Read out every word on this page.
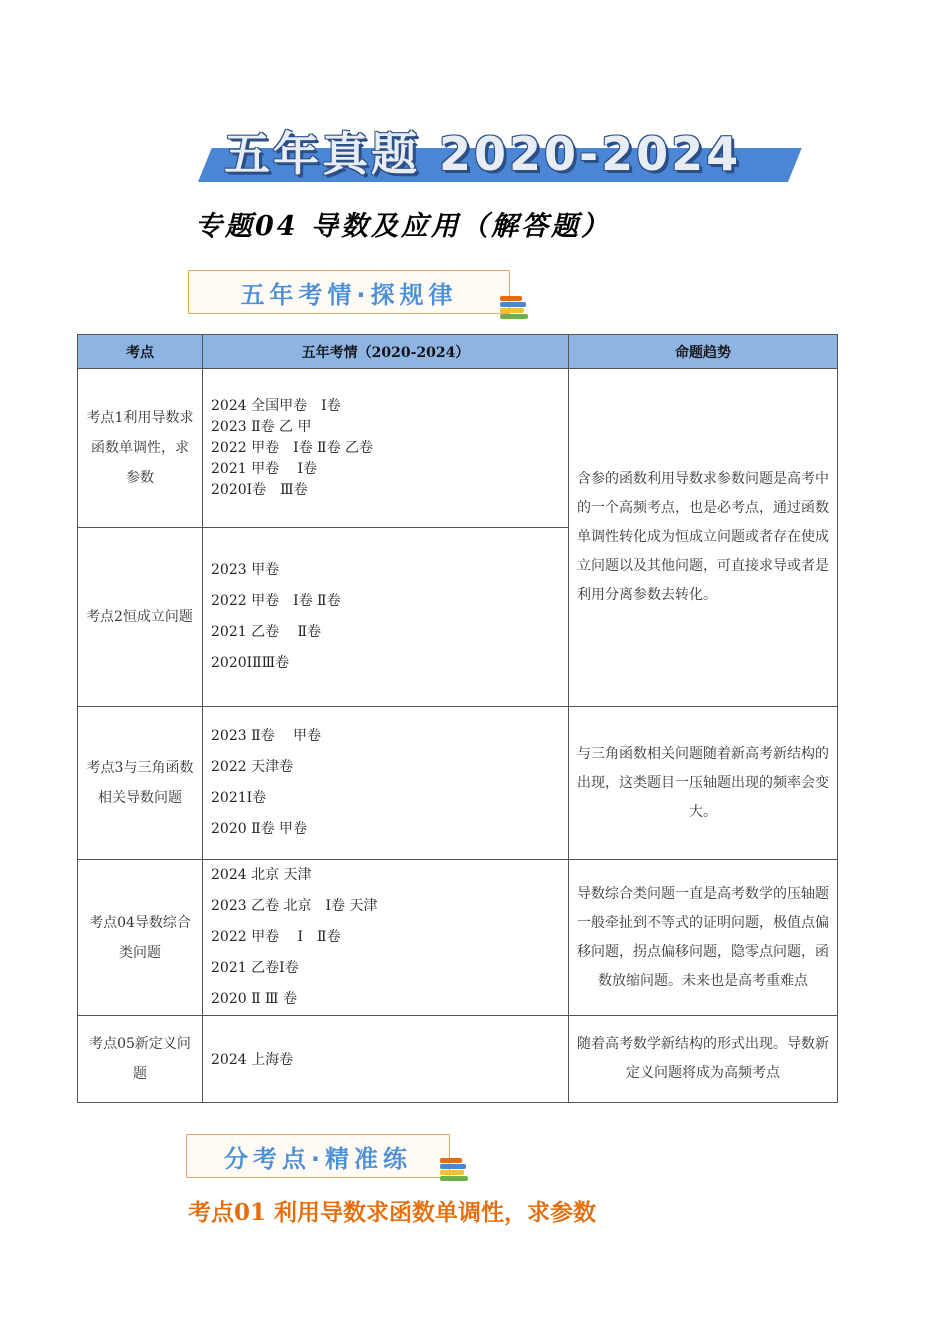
五年真题 2020-2024
专题04 导数及应用（解答题）
五年考情·探规律
考点	五年考情（2020-2024）	命题趋势
考点1利用导数求函数单调性，求参数	2024 全国甲卷　Ⅰ卷
2023 Ⅱ卷 乙 甲
2022 甲卷　Ⅰ卷 Ⅱ卷 乙卷
2021 甲卷　 Ⅰ卷
2020Ⅰ卷　Ⅲ卷	含参的函数利用导数求参数问题是高考中的一个高频考点，也是必考点，通过函数单调性转化成为恒成立问题或者存在使成立问题以及其他问题，可直接求导或者是利用分离参数去转化。
考点2恒成立问题	2023 甲卷
2022 甲卷　Ⅰ卷 Ⅱ卷
2021 乙卷　 Ⅱ卷
2020ⅠⅡⅢ卷	

考点3与三角函数相关导数问题	2023 Ⅱ卷　 甲卷
2022 天津卷
2021Ⅰ卷
2020 Ⅱ卷 甲卷	与三角函数相关问题随着新高考新结构的出现，这类题目一压轴题出现的频率会变大。
考点04导数综合类问题	2024 北京 天津
2023 乙卷 北京　Ⅰ卷 天津
2022 甲卷　 Ⅰ　Ⅱ卷
2021 乙卷Ⅰ卷
2020 Ⅱ Ⅲ 卷	导数综合类问题一直是高考数学的压轴题一般牵扯到不等式的证明问题，极值点偏移问题，拐点偏移问题，隐零点问题，函数放缩问题。未来也是高考重难点
考点05新定义问题	2024 上海卷	随着高考数学新结构的形式出现。导数新定义问题将成为高频考点
分考点·精准练
考点01 利用导数求函数单调性，求参数
